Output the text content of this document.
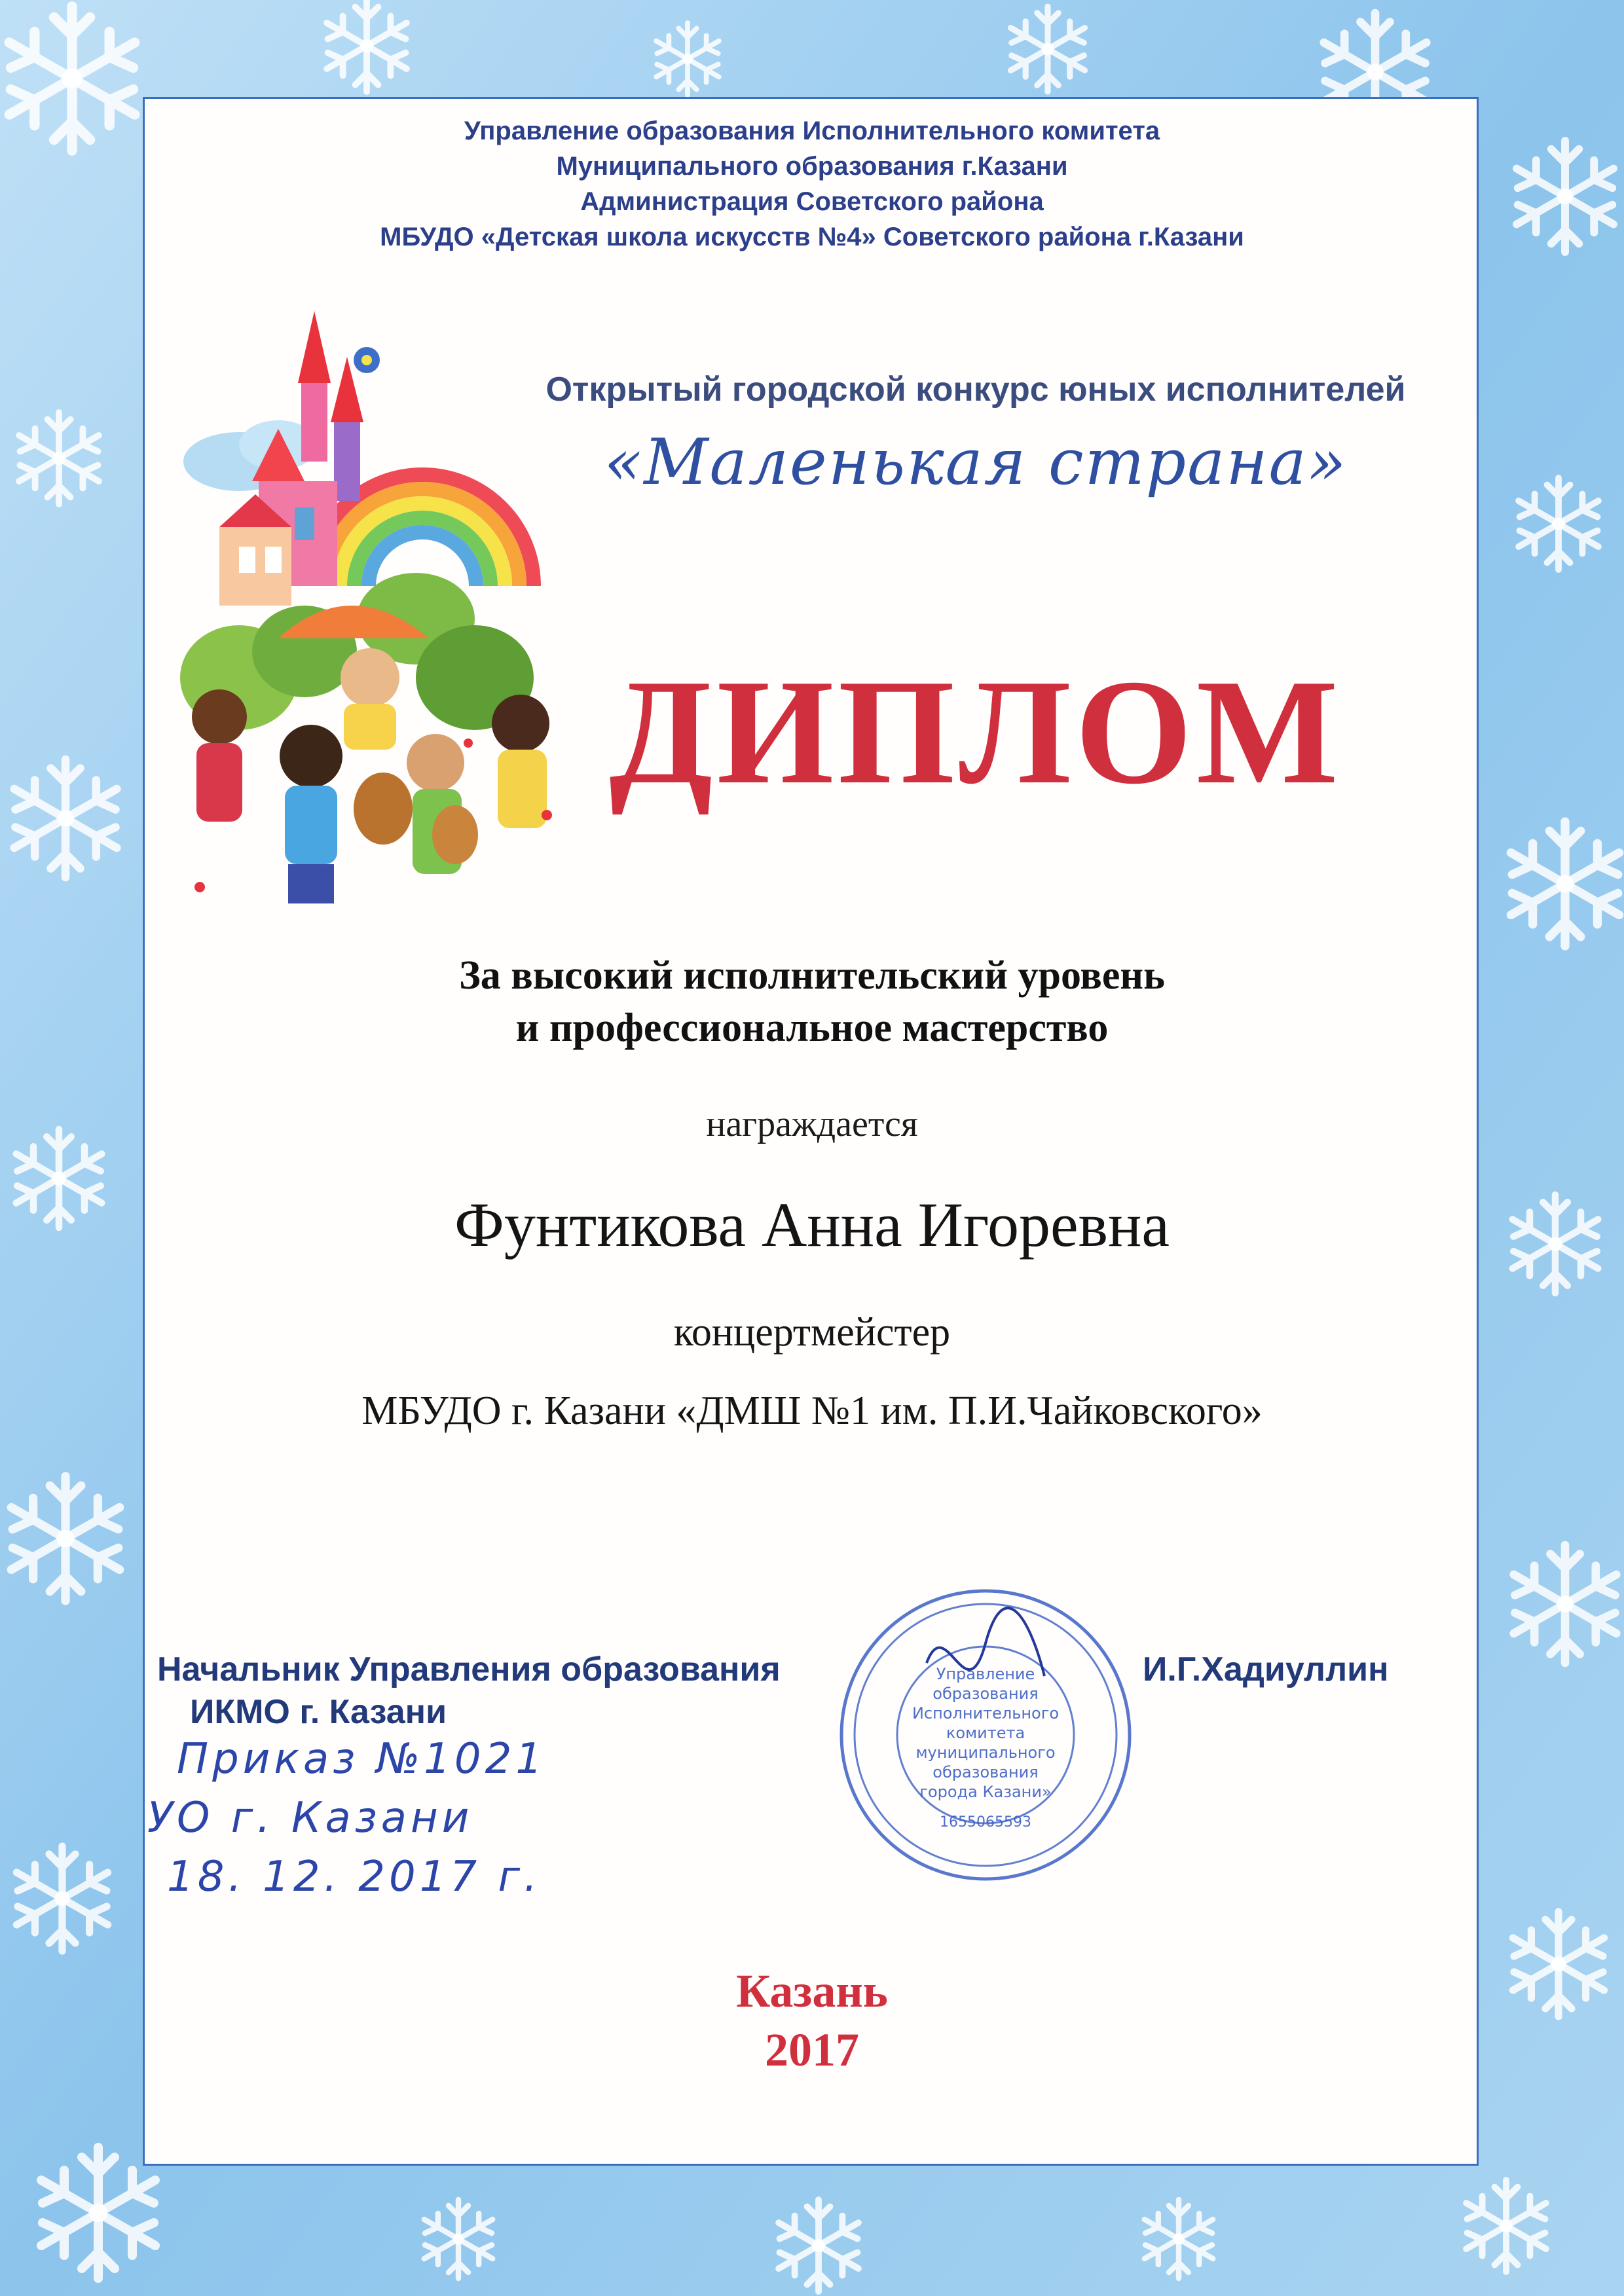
Управление образования Исполнительного комитета
Муниципального образования г.Казани
Администрация Советского района
МБУДО «Детская школа искусств №4» Советского района г.Казани
Открытый городской конкурс юных исполнителей
«Маленькая страна»
ДИПЛОМ
За высокий исполнительский уровень
и профессиональное мастерство
награждается
Фунтикова Анна Игоревна
концертмейстер
МБУДО г. Казани «ДМШ №1 им. П.И.Чайковского»
Начальник Управления образования
ИКМО г. Казани
И.Г.Хадиуллин
Приказ №1021
УО г. Казани
18. 12. 2017 г.
Управление
образования
Исполнительного
комитета
муниципального
образования
города Казани»
1655065593
Казань
2017
